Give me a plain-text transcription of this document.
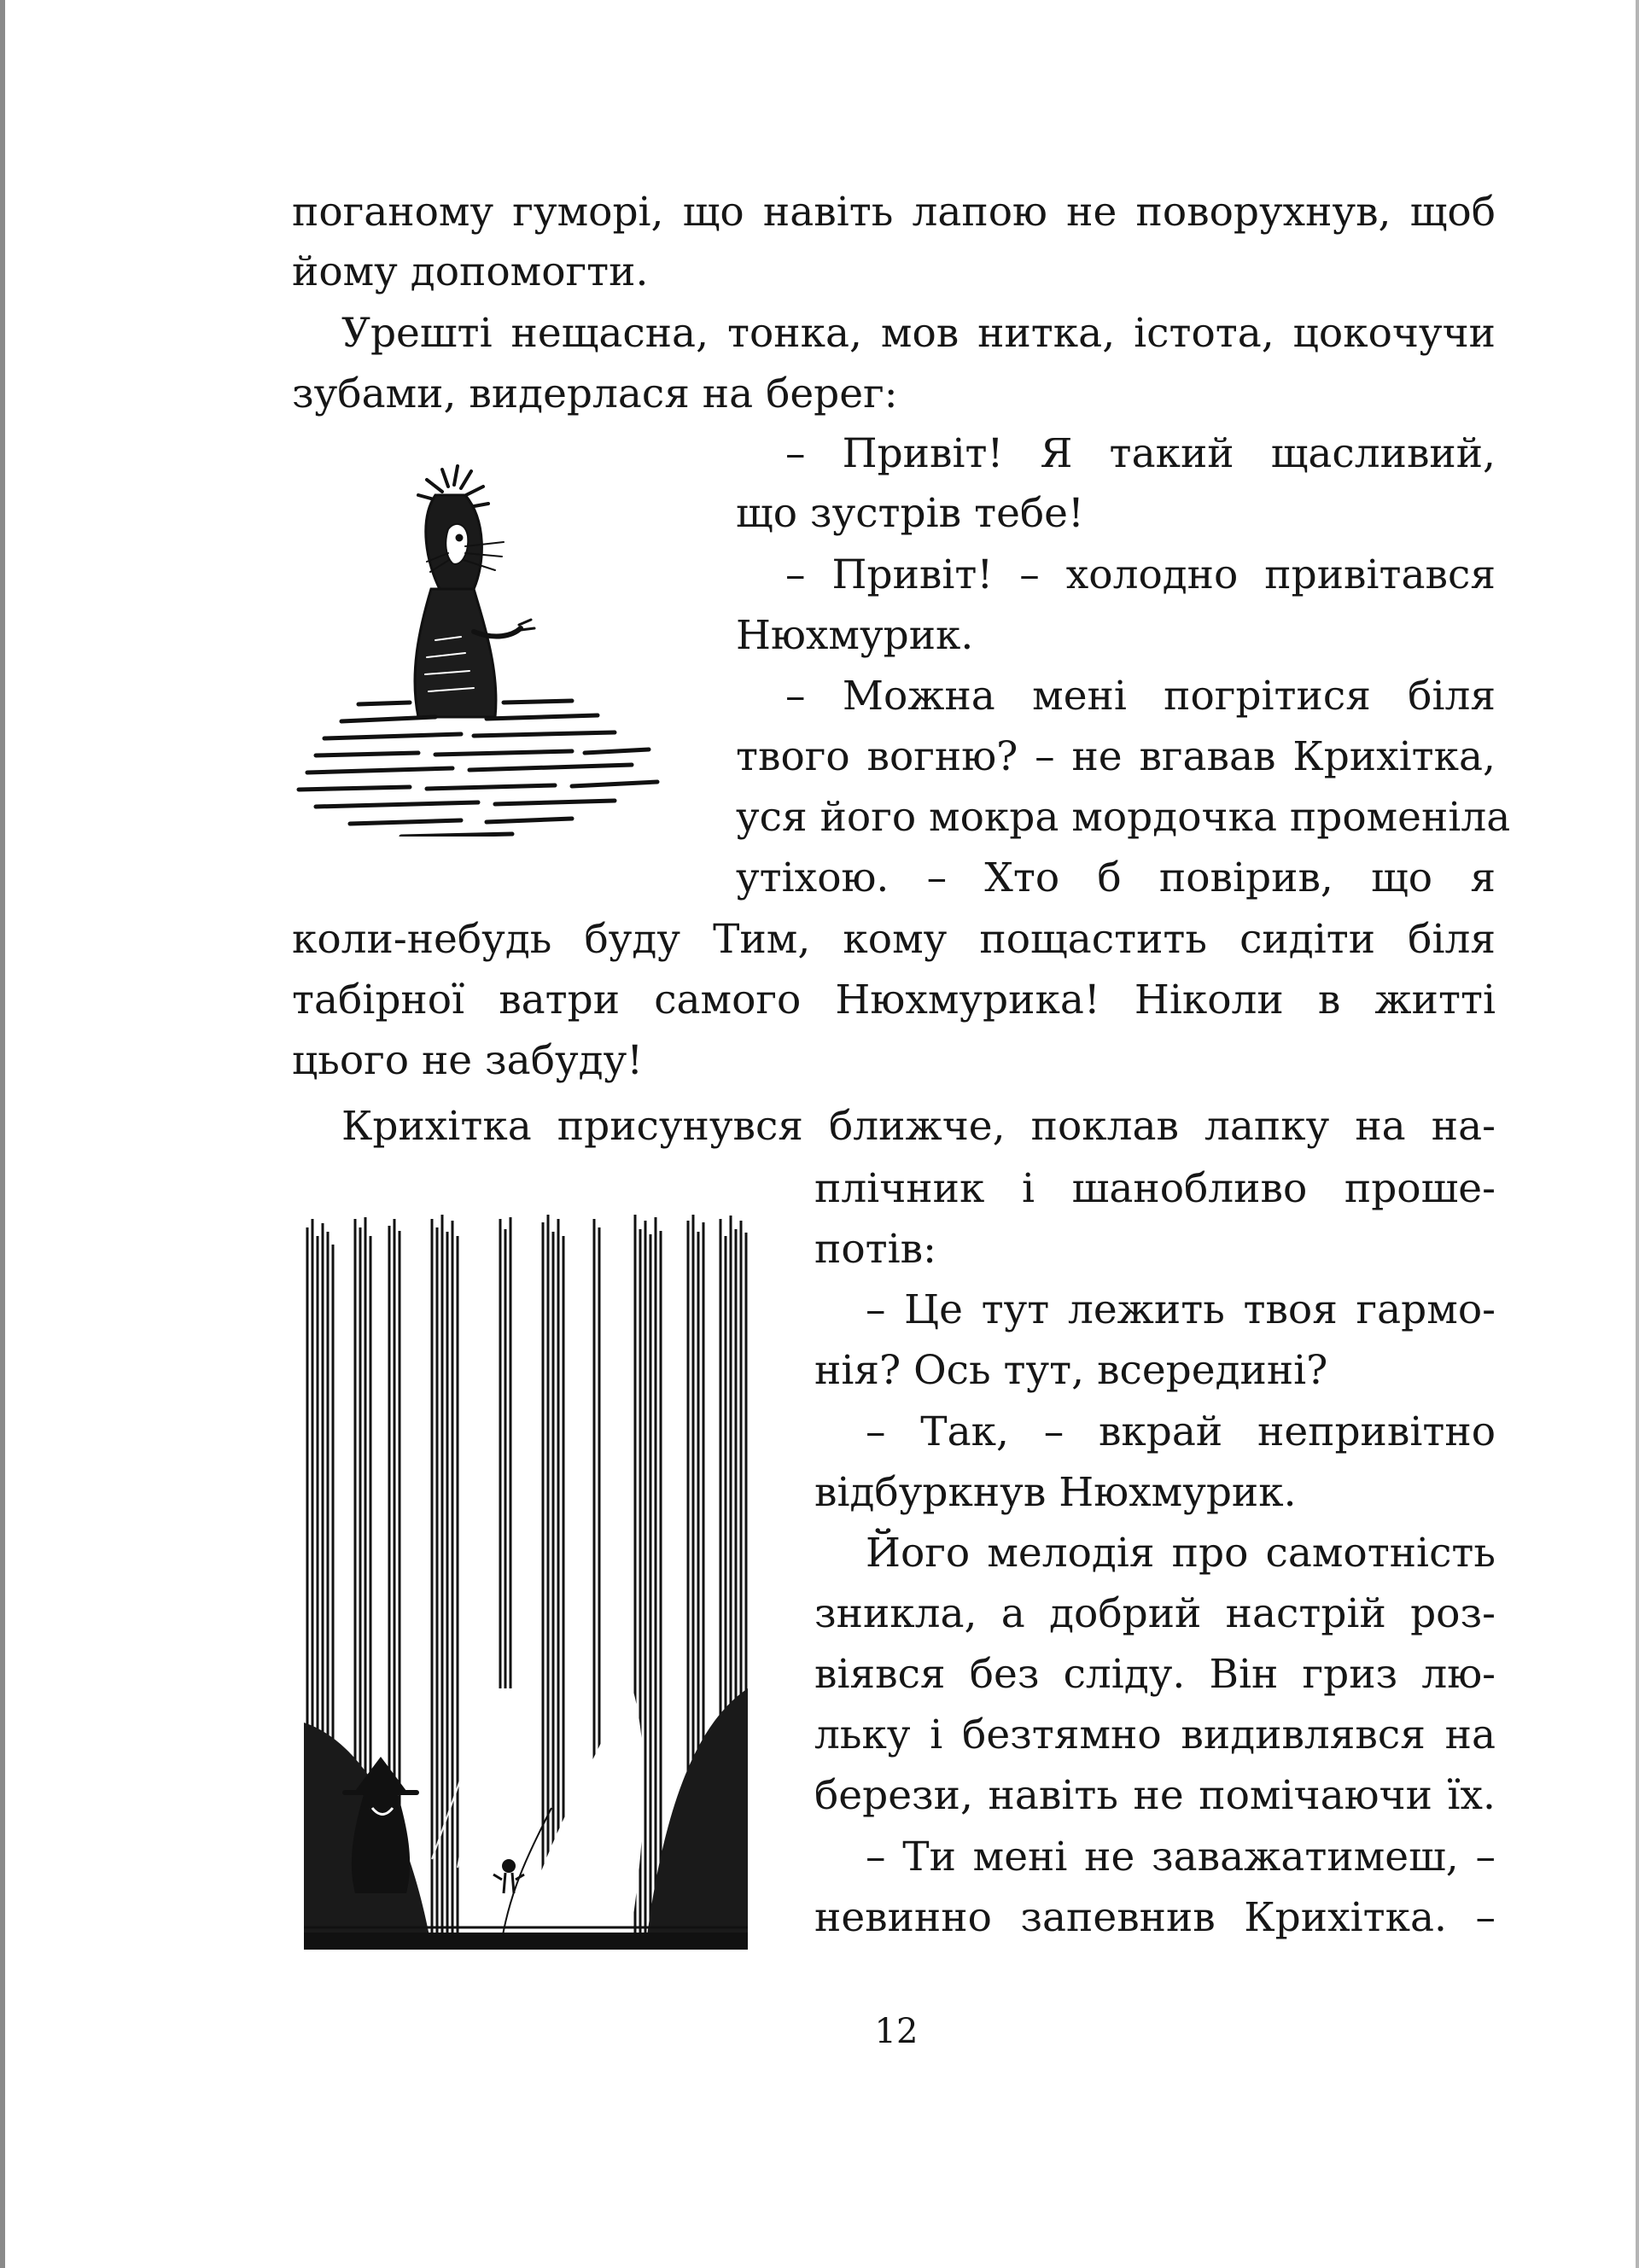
поганому гуморі, що навіть лапою не поворухнув, щоб
йому допомогти.
Урешті нещасна, тонка, мов нитка, істота, цокочучи
зубами, видерлася на берег:
– Привіт! Я такий щасливий,
що зустрів тебе!
– Привіт! – холодно привітався
Нюхмурик.
– Можна мені погрітися біля
твого вогню? – не вгавав Крихітка,
уся його мокра мордочка променіла
утіхою. – Хто б повірив, що я
коли-небудь буду Тим, кому пощастить сидіти біля
табірної ватри самого Нюхмурика! Ніколи в житті
цього не забуду!
Крихітка присунувся ближче, поклав лапку на на-
плічник і шанобливо проше-
потів:
– Це тут лежить твоя гармо-
нія? Ось тут, всередині?
– Так, – вкрай непривітно
відбуркнув Нюхмурик.
Його мелодія про самотність
зникла, а добрий настрій роз-
віявся без сліду. Він гриз лю-
льку і безтямно видивлявся на
берези, навіть не помічаючи їх.
– Ти мені не заважатимеш, –
невинно запевнив Крихітка. –
12
